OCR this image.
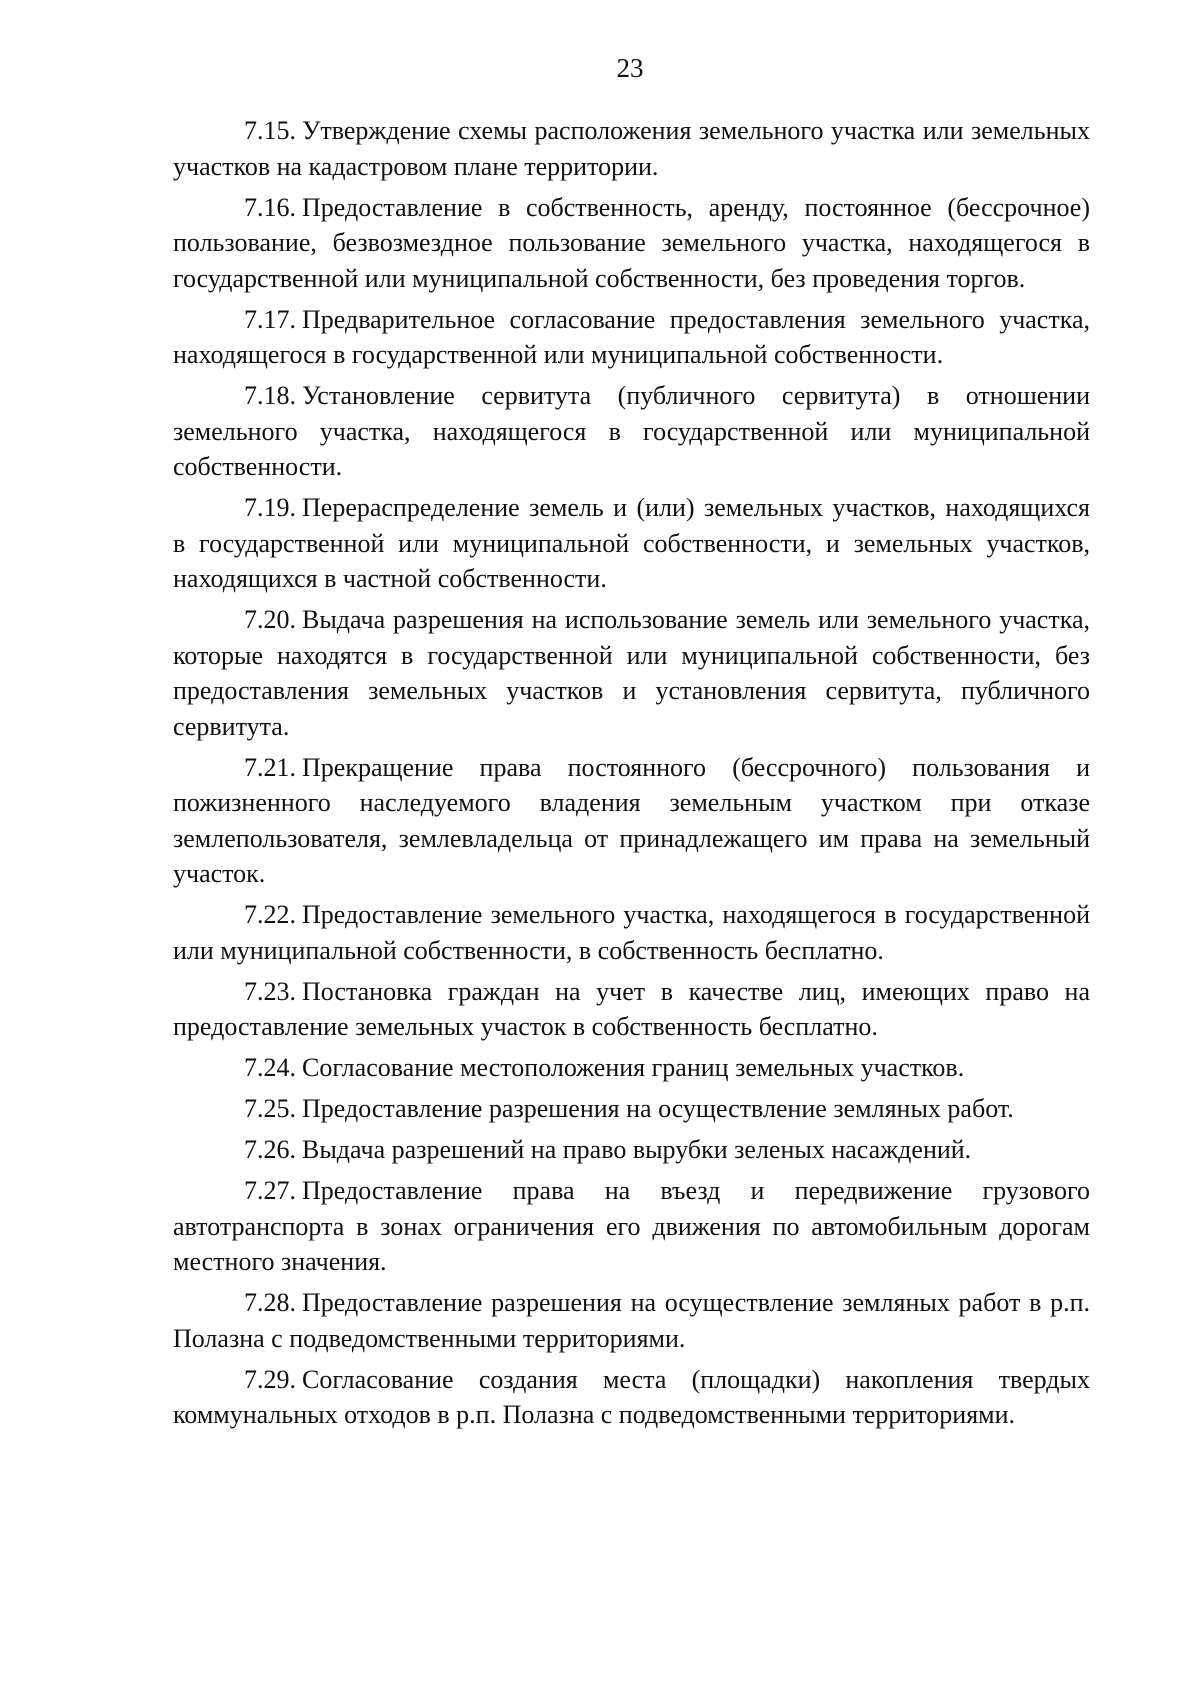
23

7.15. Утверждение схемы расположения земельного участка или земельных участков на кадастровом плане территории.

7.16. Предоставление в собственность, аренду, постоянное (бессрочное) пользование, безвозмездное пользование земельного участка, находящегося в государственной или муниципальной собственности, без проведения торгов.

7.17. Предварительное согласование предоставления земельного участка, находящегося в государственной или муниципальной собственности.

7.18. Установление сервитута (публичного сервитута) в отношении земельного участка, находящегося в государственной или муниципальной собственности.

7.19. Перераспределение земель и (или) земельных участков, находящихся в государственной или муниципальной собственности, и земельных участков, находящихся в частной собственности.

7.20. Выдача разрешения на использование земель или земельного участка, которые находятся в государственной или муниципальной собственности, без предоставления земельных участков и установления сервитута, публичного сервитута.

7.21. Прекращение права постоянного (бессрочного) пользования и пожизненного наследуемого владения земельным участком при отказе землепользователя, землевладельца от принадлежащего им права на земельный участок.

7.22. Предоставление земельного участка, находящегося в государственной или муниципальной собственности, в собственность бесплатно.

7.23. Постановка граждан на учет в качестве лиц, имеющих право на предоставление земельных участок в собственность бесплатно.

7.24. Согласование местоположения границ земельных участков.

7.25. Предоставление разрешения на осуществление земляных работ.

7.26. Выдача разрешений на право вырубки зеленых насаждений.

7.27. Предоставление права на въезд и передвижение грузового автотранспорта в зонах ограничения его движения по автомобильным дорогам местного значения.

7.28. Предоставление разрешения на осуществление земляных работ в р.п. Полазна с подведомственными территориями.

7.29. Согласование создания места (площадки) накопления твердых коммунальных отходов в р.п. Полазна с подведомственными территориями.
